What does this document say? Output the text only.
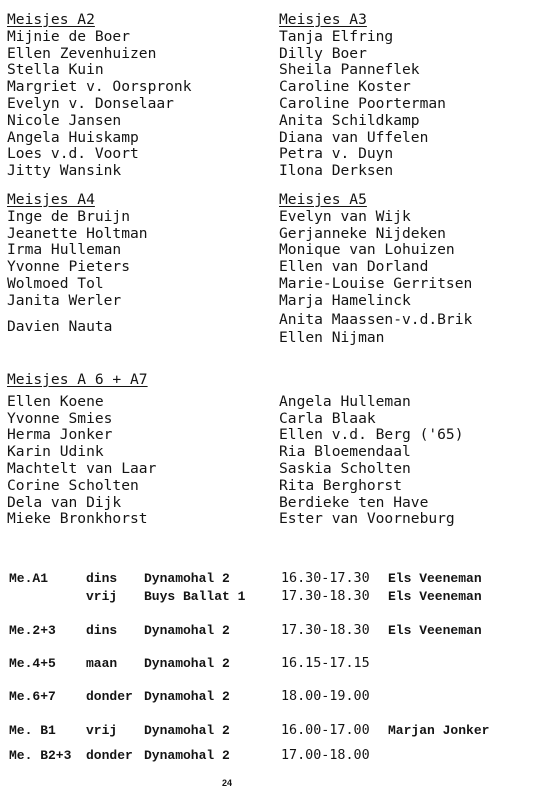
Meisjes A2
Mijnie de Boer
Ellen Zevenhuizen
Stella Kuin
Margriet v. Oorspronk
Evelyn v. Donselaar
Nicole Jansen
Angela Huiskamp
Loes v.d. Voort
Jitty Wansink
Meisjes A3
Tanja Elfring
Dilly Boer
Sheila Panneflek
Caroline Koster
Caroline Poorterman
Anita Schildkamp
Diana van Uffelen
Petra v. Duyn
Ilona Derksen
Meisjes A4
Inge de Bruijn
Jeanette Holtman
Irma Hulleman
Yvonne Pieters
Wolmoed Tol
Janita Werler
Davien Nauta
Meisjes A5
Evelyn van Wijk
Gerjanneke Nijdeken
Monique van Lohuizen
Ellen van Dorland
Marie-Louise Gerritsen
Marja Hamelinck
Anita Maassen-v.d.Brik
Ellen Nijman
Meisjes A 6 + A7
Ellen Koene
Yvonne Smies
Herma Jonker
Karin Udink
Machtelt van Laar
Corine Scholten
Dela van Dijk
Mieke Bronkhorst
Angela Hulleman
Carla Blaak
Ellen v.d. Berg ('65)
Ria Bloemendaal
Saskia Scholten
Rita Berghorst
Berdieke ten Have
Ester van Voorneburg
Me.A1	dins Dynamohal 2	16.30-17.30 Els Veeneman
vrij Buys Ballat 1	17.30-18.30 Els Veeneman
Me.2+3 dins Dynamohal 2	17.30-18.30 Els Veeneman
Me.4+5 maan Dynamohal 2	16.15-17.15
Me.6+7 donder Dynamohal 2	18.00-19.00
Me. B1 vrij Dynamohal 2	16.00-17.00 Marjan Jonker
Me. B2+3 donder Dynamohal 2	17.00-18.00
24
